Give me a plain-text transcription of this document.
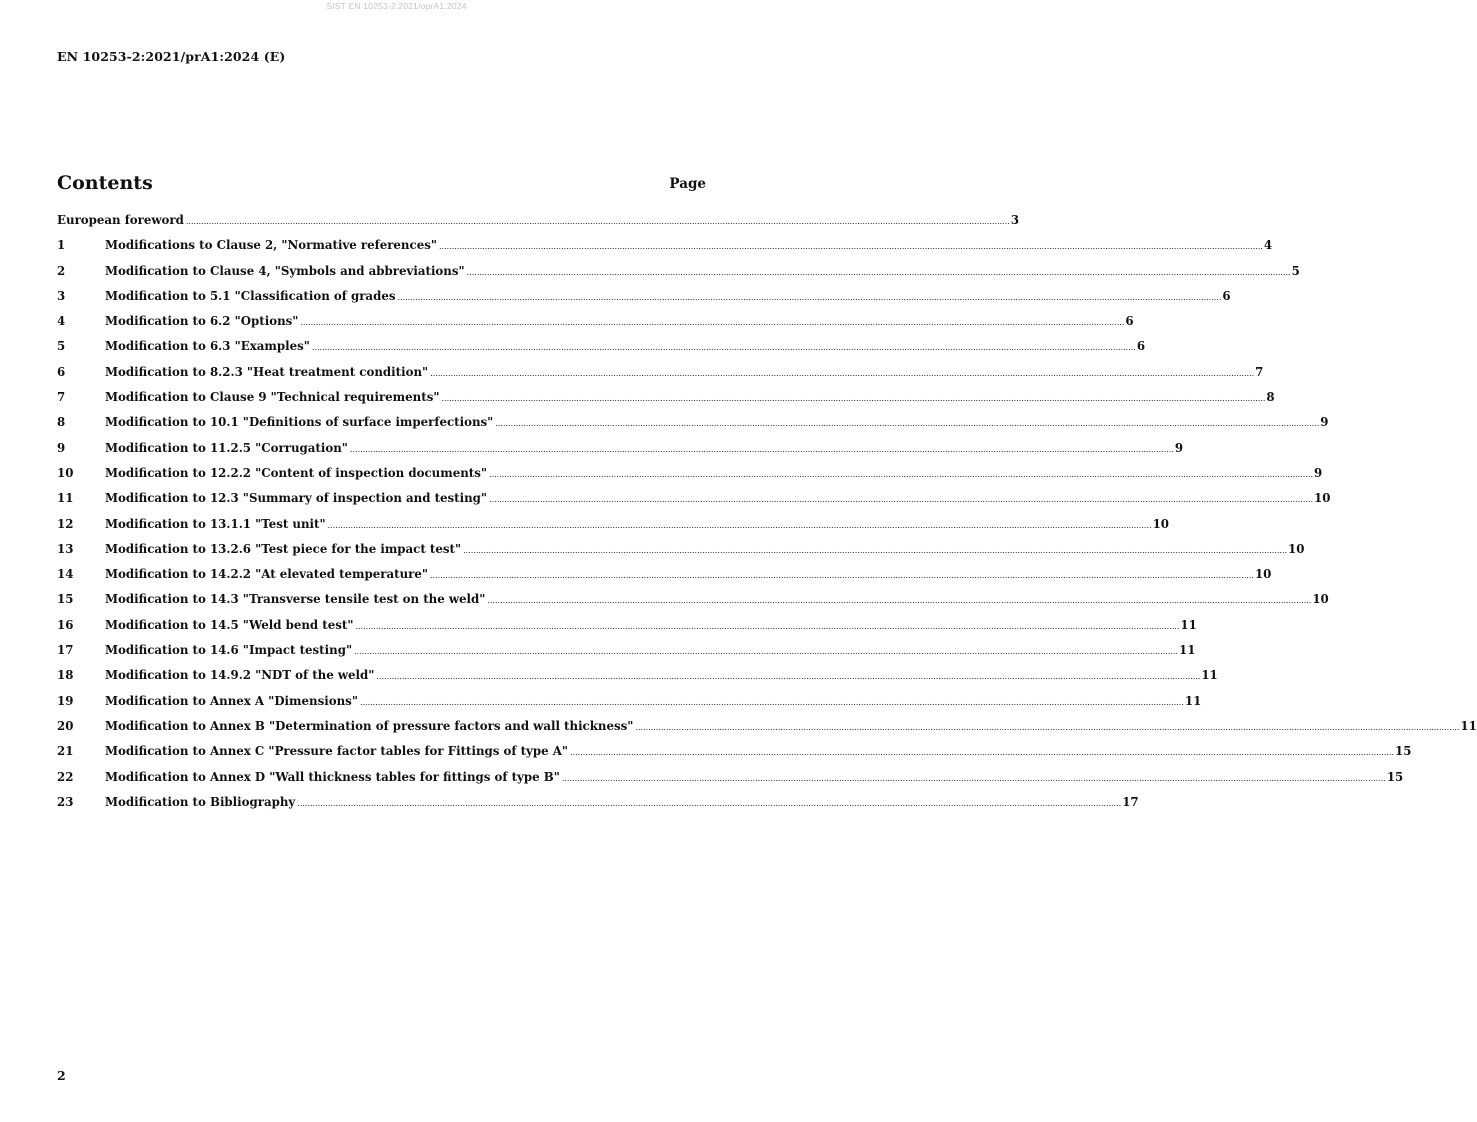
SIST EN 10253-2:2021/oprA1:2024
EN 10253-2:2021/prA1:2024 (E)
Contents	Page
European foreword .....	3
1	Modifications to Clause 2, "Normative references" .....	4
2	Modification to Clause 4, "Symbols and abbreviations" .....	5
3	Modification to 5.1 "Classification of grades .....	6
4	Modification to 6.2 "Options" .....	6
5	Modification to 6.3 "Examples" .....	6
6	Modification to 8.2.3 "Heat treatment condition" .....	7
7	Modification to Clause 9 "Technical requirements" .....	8
8	Modification to 10.1 "Definitions of surface imperfections" .....	9
9	Modification to 11.2.5 "Corrugation" .....	9
10	Modification to 12.2.2 "Content of inspection documents" .....	9
11	Modification to 12.3 "Summary of inspection and testing" .....	10
12	Modification to 13.1.1 "Test unit" .....	10
13	Modification to 13.2.6 "Test piece for the impact test" .....	10
14	Modification to 14.2.2 "At elevated temperature" .....	10
15	Modification to 14.3 "Transverse tensile test on the weld" .....	10
16	Modification to 14.5 "Weld bend test" .....	11
17	Modification to 14.6 "Impact testing" .....	11
18	Modification to 14.9.2 "NDT of the weld" .....	11
19	Modification to Annex A "Dimensions" .....	11
20	Modification to Annex B "Determination of pressure factors and wall thickness" .....	11
21	Modification to Annex C "Pressure factor tables for Fittings of type A" .....	15
22	Modification to Annex D "Wall thickness tables for fittings of type B" .....	15
23	Modification to Bibliography .....	17
2
